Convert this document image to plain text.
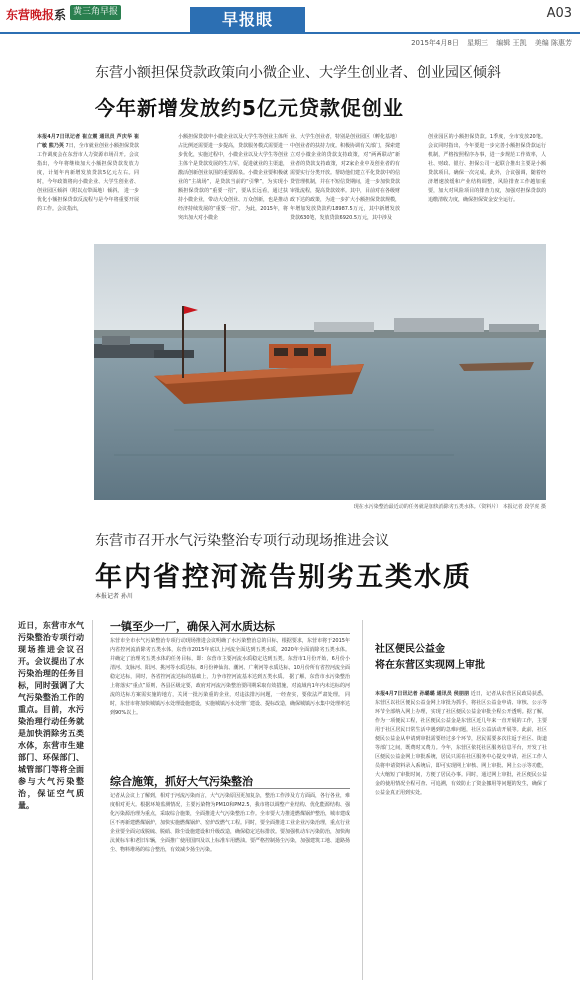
东营晚报 系 黄三角早报	早报眼	A03
2015年4月8日 星期三 编辑 王凯 美编 陈惠芳
东营小额担保贷款政策向小微企业、大学生创业者、创业园区倾斜
今年新增发放约5亿元贷款促创业
本报4月7日讯记者 崔立震 通讯员 芦庆华 崔广敏 熊乃英 7日，全市就业创业小额担保贷款工作调度会在东营市人力资源市场召开。会议指出，今年将继续加大小额担保贷款发放力度，计划年内新增发放贷款5亿元左右。同时，今年政策将向小微企业、大学生创业者、创业园区倾斜（附以点带面地）倾斜。 进一步优化小额担保贷款反流程与是今年将重要开展的工作。会议指出，
小额担保贷款申小微企业以及大学生等创业主体所占比例还需要进一步提高，贷款服务模式需要进一步优化，实施过程中，小微企业以及大学生等创业主体个是贷款发展的生力军，促进就业的主渠道，激活创新创业氛围的重要源泉。小微企业要积极就业的“主战场”，是贷款当前的“引擎”，为实现小额担保贷款的“重要一招”，要从长远看，通过扶持小微企业，带动大众创业、万众创新，也是推动经济持续发展的“重要一招”。 为此，2015年，将突出加大对小微企
业、大学生创业者，特别是创业园区（孵化基地）中创业者的扶持力度。积极协调有关部门，探索建立对小微企业的贷款支持政策，对“两两联动”新业者的贷款支持政策，对2家企业中及创业者的有需要实行分类开放。帮助他们建立平化贷款中的信贷管理机制，并在不短信贷期间，进一步加快贷款审批流程，提高贷款效率。其中，目前对在各级财政下达的政策，为进一步扩大小额担保贷款规模，年增加发放贷款约18987.5万元，其中新增发放贷款630笔，发放贷款6920.5万元，其中涉及
创业园区的小额担保贷款。1季度，全市发放20笔。会议同时指出，今年要进一步完善小额担保贷款运行机制，严格按照程序办事，进一步规范工作效率，人社、财政、银行、担保公司一起联合推出主要是小额贷款项目。确保一次完成。此外，合议强调，随着经济增速放缓和产业结构调整，风险排查工作越加重要，加大对风险项目的排查力度，加强对担保贷款的追缴清收力度，确保担保资金安全运行。
现在水污染整治最近动的任务就是加快消除劣五类水体。（资料片） 本报记者 段学虎 摄
东营市召开水气污染整治专项行动现场推进会议
年内省控河流告别劣五类水质
本报记者 孙川
近日，东营市水气污染整治专项行动现场推进会议召开。会议提出了水污染治理的任务目标，同时强调了大气污染整治工作的重点。目前，水污染治理行动任务就是加快消除劣五类水体，东营市生建部门、环保部门、城管部门等将全面参与大气污染整治，保证空气质量。
一镇至少一厂，确保入河水质达标
东营市全市水气污染整治专项行动现场推进会议明确了水污染整治总的目标，根据要求，东营市将于2015年内省控河流消除劣五类水体，东营市2015年底以上河流全面达到五类水质，2020年全面消除劣五类水体。并确定了治理劣五类水体的任务目标，即：东营市主要河流水质稳定达到五类。东营市1月份开始，6月份小清河、支脉河、阳河、挑河等水质达标，8月份神仙沟、潮河、广利河等水质达标，10月份所有省控河流全面稳定达标，同时，各省控河流达标的基础上，力争市控河流基本达到五类水质。 据了解，东营市水污染整治上将落实“重点”原则，各县区级定要，政府对河流污染整治要同期采取有效措施，对流域内1年内未达标的河流的达标方案需实施的地方，关闭一批污染重的企业，对违法排污问题，一经查实，要依法严肃处理。 同时，东营市将加快城镇污水处理设施建设，实施城镇污水处理厂建设、提标改造，确保城镇污水集中处理率达到90%以上。
综合施策，抓好大气污染整治
记者从会议上了解到，相对于河流污染而言，大气污染原因更加复杂，整治工作涉及方方面面，各行各业，难度相对更大。根据环境监测情况，主要污染物为PM10和PM2.5，我市将以调整产业结构、优化能源结构、强化污染源治理为重点，采取综合施策，全面推进大气污染整治工作。全市要大力推进燃煤锅炉整治，城市建成区不再新建燃煤锅炉，加快实施燃煤锅炉、窑炉改燃气工程。同时，要全面推进工业企业污染治理，重点行业企业要全面完成脱硫、脱硝、除尘设施建设和升级改造，确保稳定达标排放。要加强机动车污染防治，加快淘汰黄标车和老旧车辆，全面推广使用国四及以上标准车用燃油。要严格控制扬尘污染，加强建筑工地、道路扬尘、物料堆场的综合整治，有效减少扬尘污染。
社区便民公益金
将在东营区实现网上审批
本报4月7日讯记者 孙璐璐 通讯员 侯朋朋 近日，记者从东营区民政局获悉，东营区以社区便民公益金网上审批为抓手，将社区公益金申请、审核、公示等环节全部纳入网上办理，实现了社区便民公益金审批全程公开透明。据了解，作为一项便民工程，社区便民公益金是东营区近几年来一直开展的工作，主要用于社区居民日常生活中遇到的急难问题，社区公益活动开展等。此前，社区便民公益金从申请到审批需要经过多个环节，居民需要多次往返于社区、街道等部门之间，既费时又费力。今年，东营区依托社区服务信息平台，开发了社区便民公益金网上审批系统，居民只需在社区服务中心提交申请，社区工作人员将申请资料录入系统后，即可实现网上审核、网上审批、网上公示等功能，大大缩短了审批时间，方便了居民办事。同时，通过网上审批，社区便民公益金的使用情况全程可查、可追溯，有效防止了资金挪用等问题的发生，确保了公益金真正用到实处。
